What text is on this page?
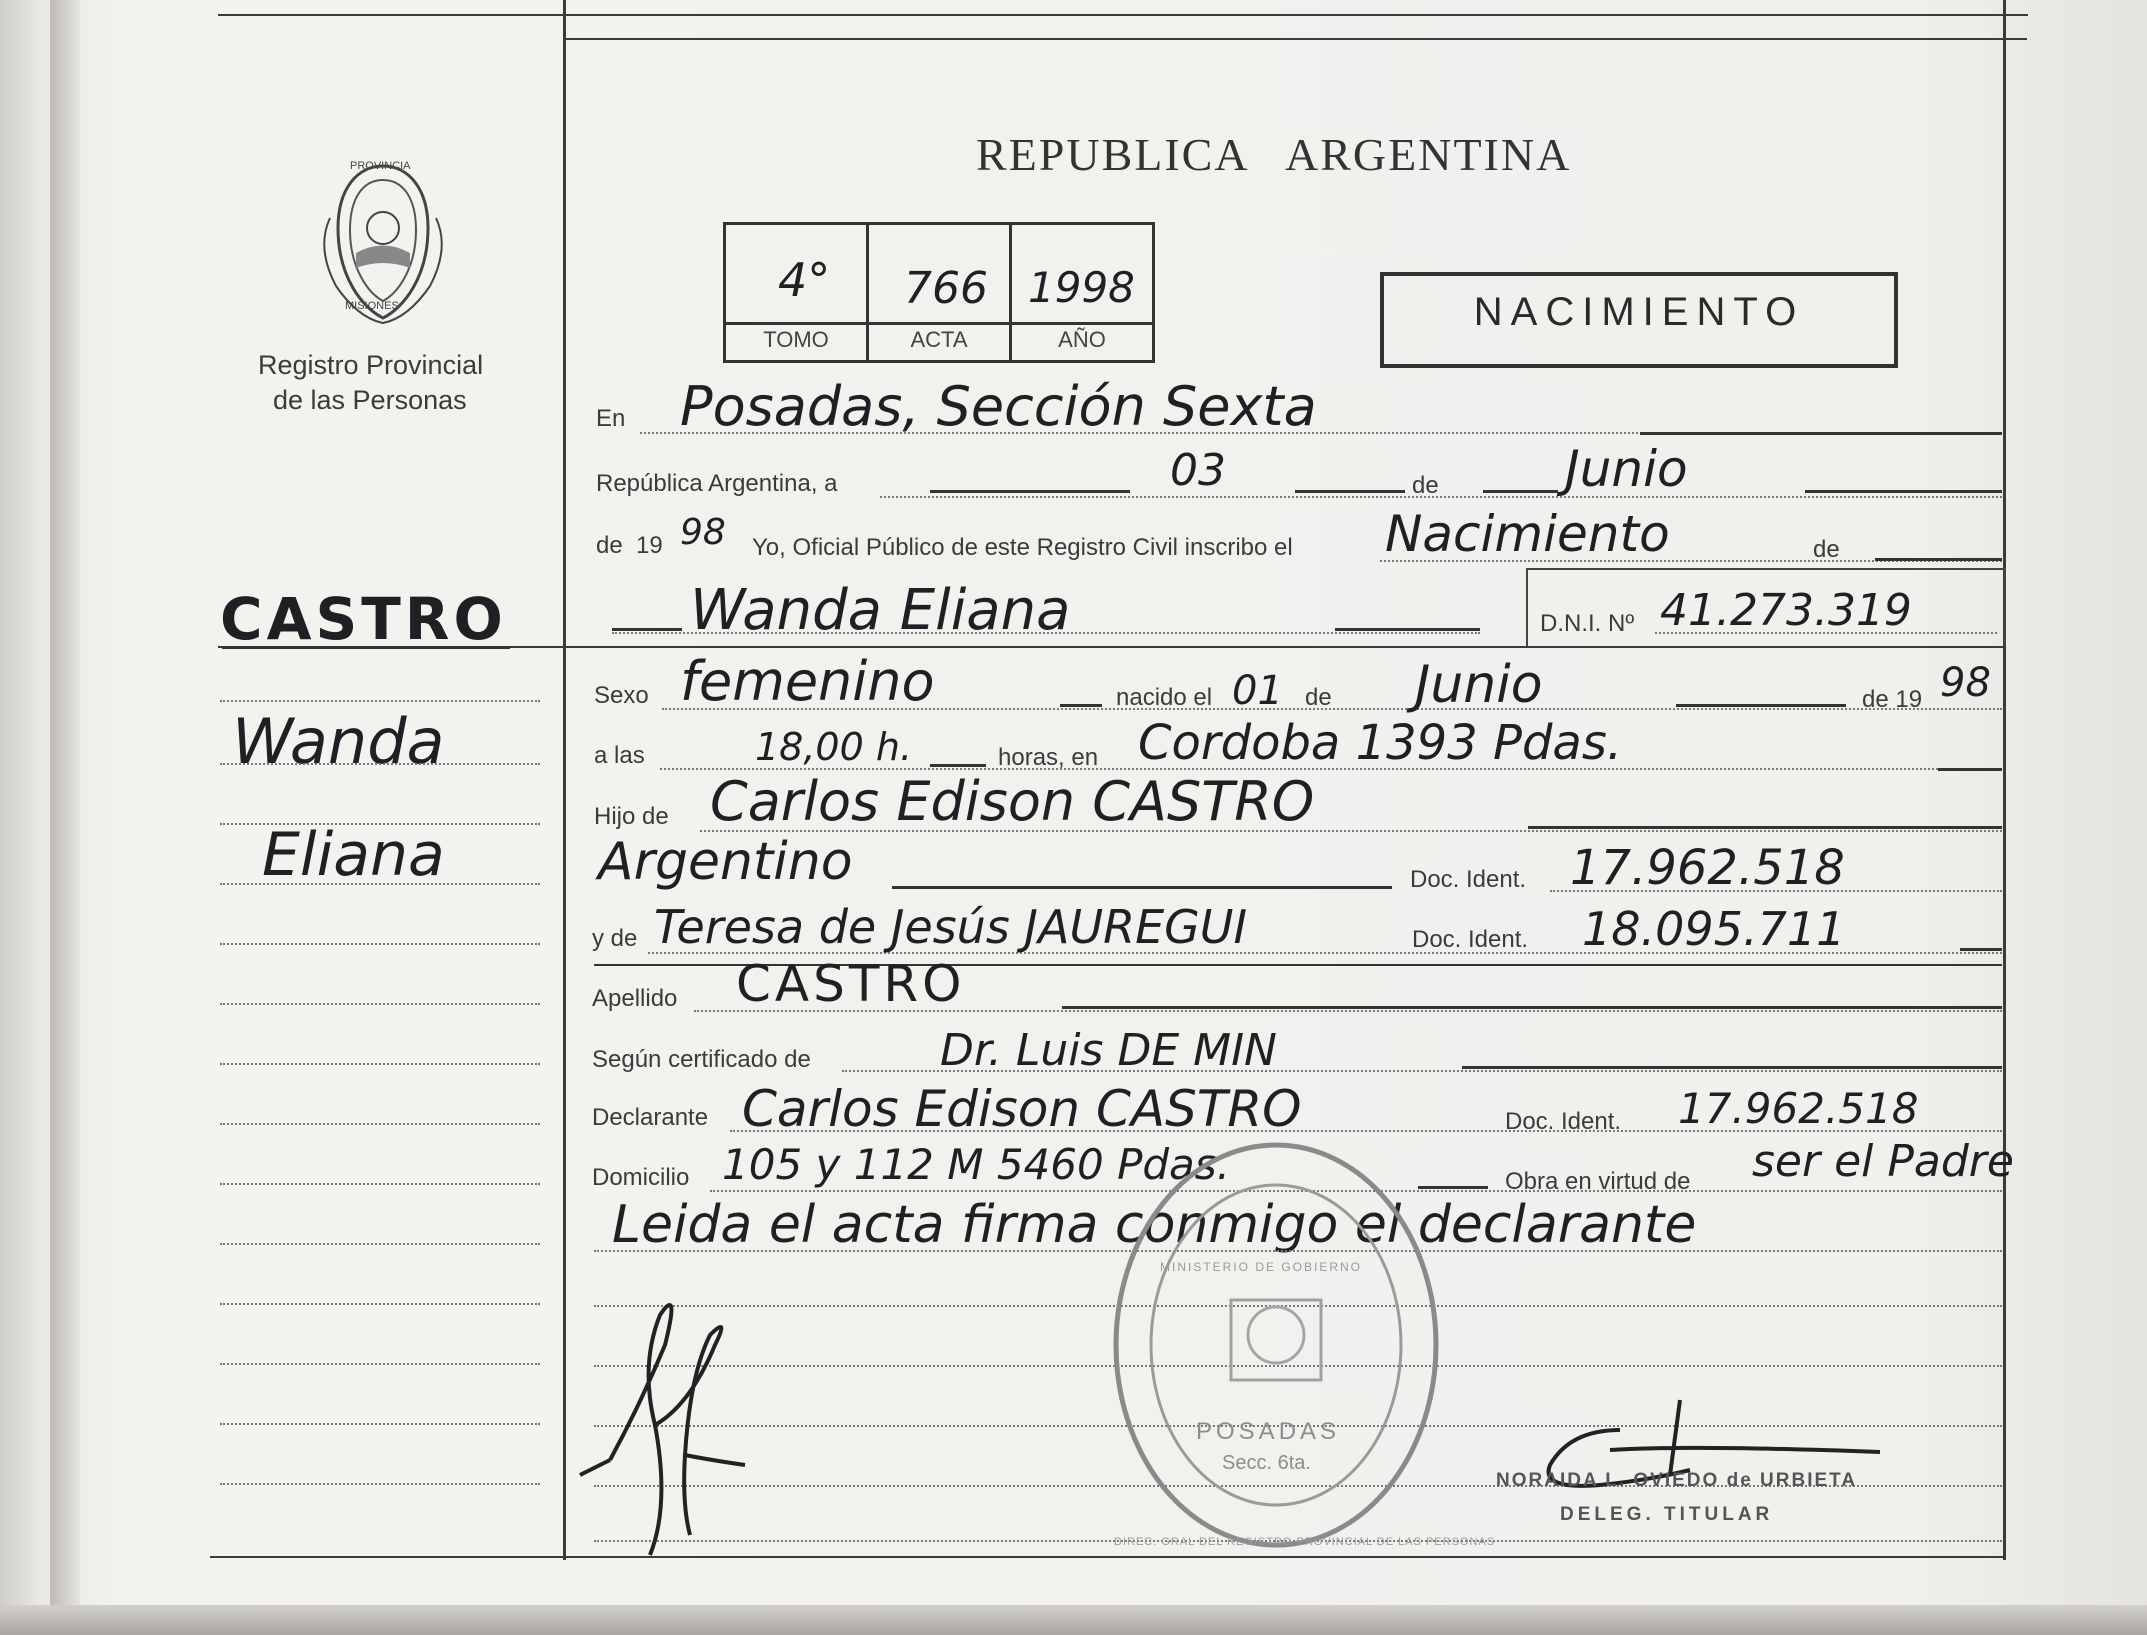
PROVINCIA
MISIONES
Registro Provincial
de las Personas
REPUBLICA   ARGENTINA
4° 766 1998
TOMO	ACTA	AÑO
NACIMIENTO
En Posadas, Sección Sexta
República Argentina, a	03	de	Junio
de  19 98 Yo, Oficial Público de este Registro Civil inscribo el Nacimiento	de
Wanda Eliana	D.N.I. Nº 41.273.319
CASTRO
Wanda
Eliana
Sexo femenino	nacido el 01 de Junio	de 19 98
a las	18,00 h.	horas, en Cordoba 1393 Pdas.
Hijo de Carlos Edison CASTRO
Argentino	Doc. Ident. 17.962.518
y de Teresa de Jesús JAUREGUI	Doc. Ident. 18.095.711
Apellido CASTRO
Según certificado de	Dr. Luis DE MIN
Declarante Carlos Edison CASTRO	Doc. Ident. 17.962.518
Domicilio 105 y 112 M 5460 Pdas.	Obra en virtud de ser el Padre
Leida el acta firma conmigo el declarante
POSADAS
Secc. 6ta.
MINISTERIO DE GOBIERNO
DIREC. GRAL DEL REGISTRO PROVINCIAL DE LAS PERSONAS
NORAIDA L. OVIEDO de URBIETA
DELEG. TITULAR
